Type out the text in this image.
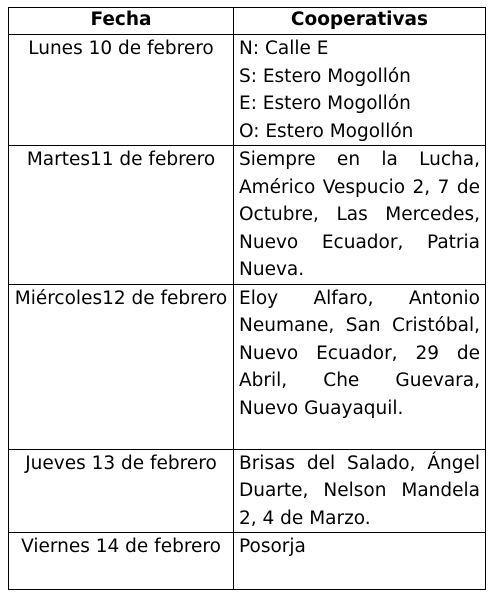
Fecha	Cooperativas
Lunes 10 de febrero	N: Calle E
S: Estero Mogollón
E: Estero Mogollón
O: Estero Mogollón

Martes11 de febrero	Siempre en la Lucha, Américo Vespucio 2, 7 de Octubre, Las Mercedes, Nuevo Ecuador, Patria Nueva.
Miércoles12 de febrero	Eloy Alfaro, Antonio Neumane, San Cristóbal, Nuevo Ecuador, 29 de Abril, Che Guevara, Nuevo Guayaquil.
Jueves 13 de febrero	Brisas del Salado, Ángel Duarte, Nelson Mandela 2, 4 de Marzo.
Viernes 14 de febrero	Posorja
